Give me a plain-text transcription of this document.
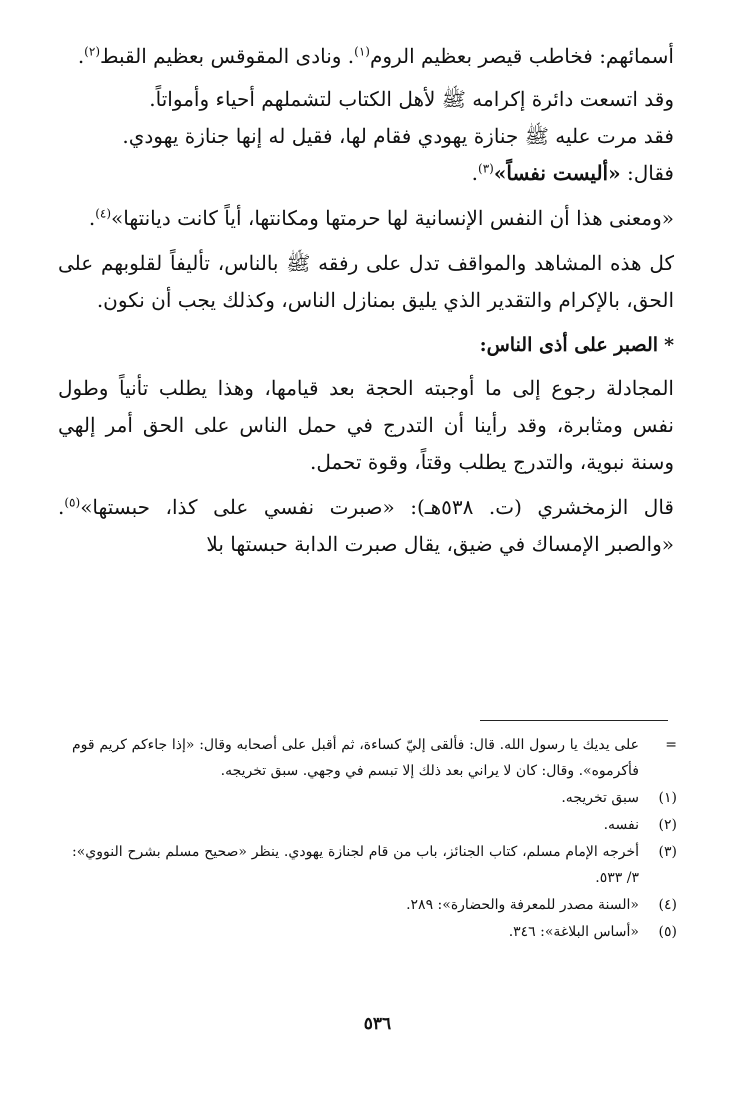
أسمائهم: فخاطب قيصر بعظيم الروم$^{(١)}$. ونادى المقوقس بعظيم القبط$^{(٢)}$.

وقد اتسعت دائرة إكرامه ﷺ لأهل الكتاب لتشملهم أحياء وأمواتاً.

فقد مرت عليه ﷺ جنازة يهودي فقام لها، فقيل له إنها جنازة يهودي.

فقال: «أليست نفساً»$^{(٣)}$.

«ومعنى هذا أن النفس الإنسانية لها حرمتها ومكانتها، أياً كانت ديانتها»$^{(٤)}$.

كل هذه المشاهد والمواقف تدل على رفقه ﷺ بالناس، تأليفاً لقلوبهم على الحق، بالإكرام والتقدير الذي يليق بمنازل الناس، وكذلك يجب أن نكون.

*الصبر على أذى الناس:

المجادلة رجوع إلى ما أوجبته الحجة بعد قيامها، وهذا يطلب تأنياً وطول نفس ومثابرة، وقد رأينا أن التدرج في حمل الناس على الحق أمر إلهي وسنة نبوية، والتدرج يطلب وقتاً، وقوة تحمل.

قال الزمخشري (ت. ٥٣٨هـ): «صبرت نفسي على كذا، حبستها»$^{(٥)}$. «والصبر الإمساك في ضيق، يقال صبرت الدابة حبستها بلا

=
على يديك يا رسول الله. قال: فألقى إليّ كساءة، ثم أقبل على أصحابه وقال: «إذا جاءكم كريم قوم فأكرموه». وقال: كان لا يراني بعد ذلك إلا تبسم في وجهي. سبق تخريجه.
(١)
سبق تخريجه.
(٢)
نفسه.
(٣)
أخرجه الإمام مسلم، كتاب الجنائز، باب من قام لجنازة يهودي. ينظر «صحيح مسلم بشرح النووي»: ٣/ ٥٣٣.
(٤)
«السنة مصدر للمعرفة والحضارة»: ٢٨٩.
(٥)
«أساس البلاغة»: ٣٤٦.
٥٣٦
